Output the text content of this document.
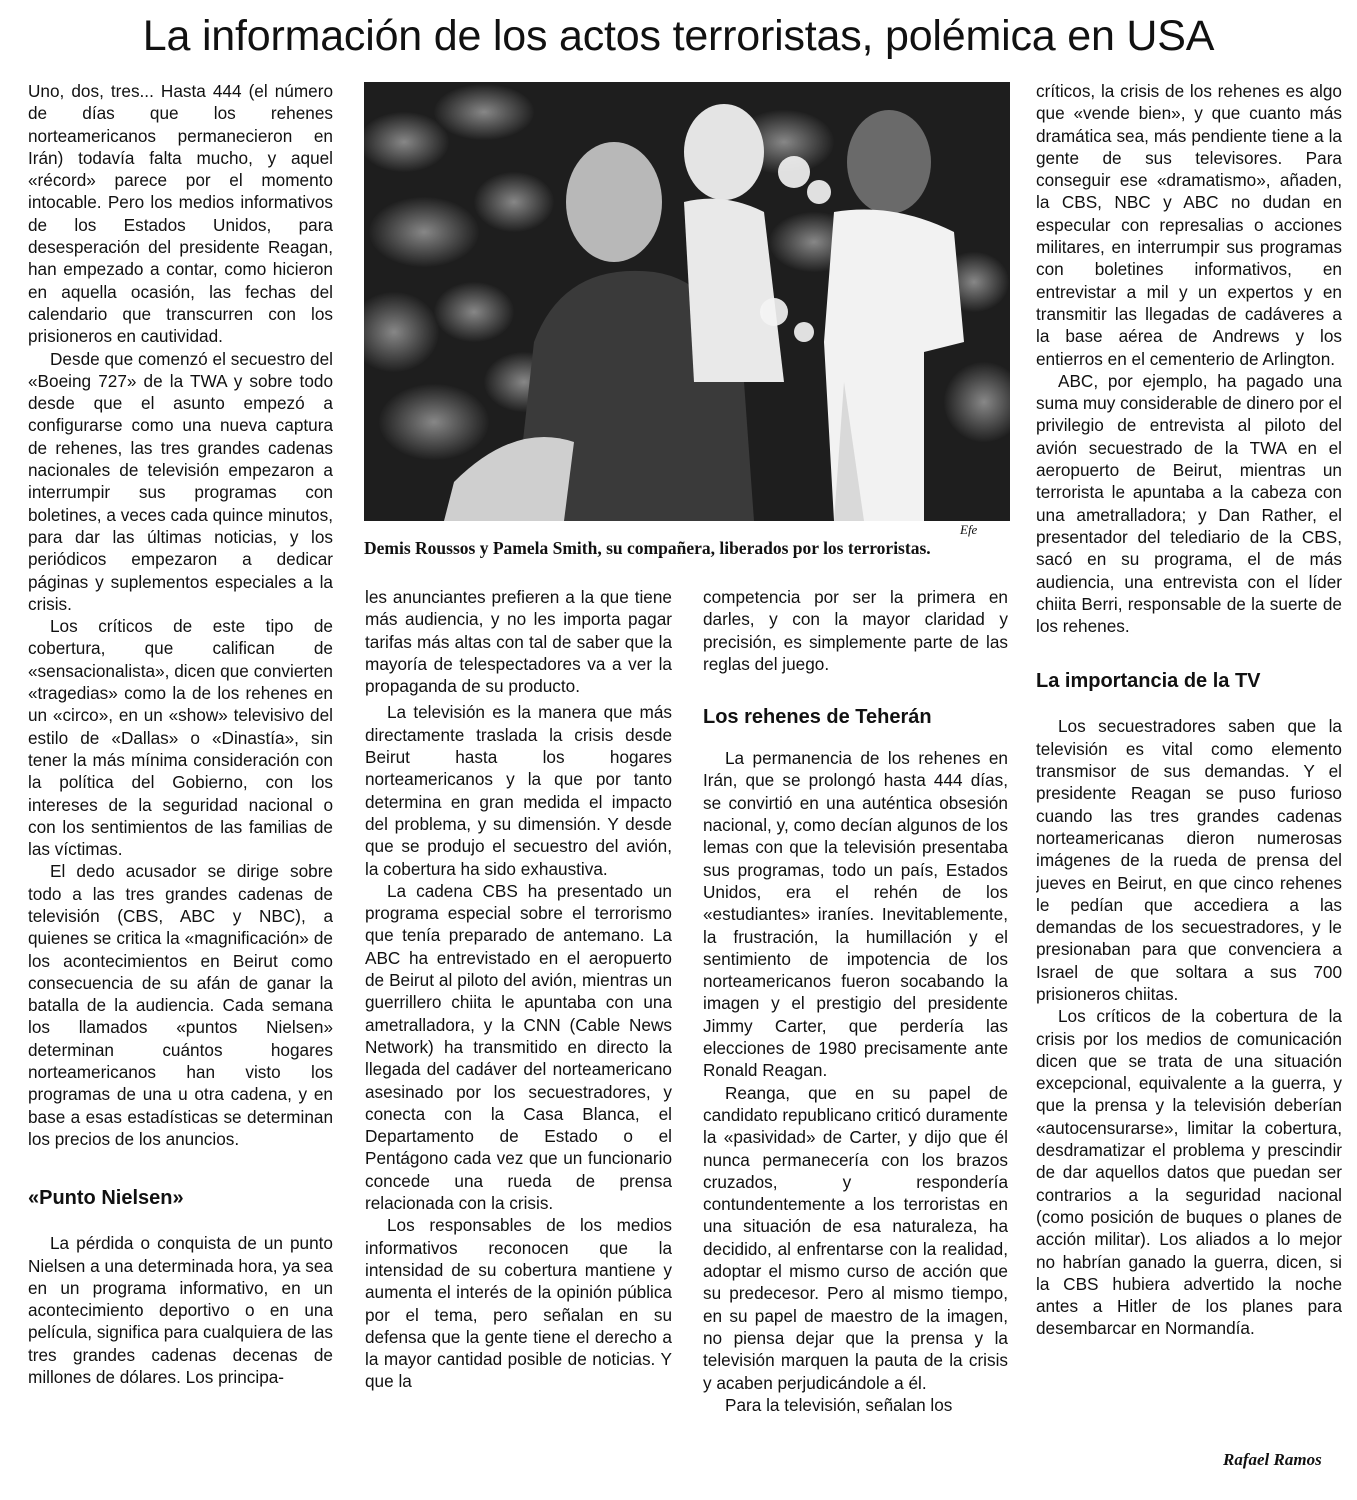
La información de los actos terroristas, polémica en USA

Uno, dos, tres... Hasta 444 (el número de días que los rehenes norteamericanos permanecieron en Irán) todavía falta mucho, y aquel «récord» parece por el momento intocable. Pero los medios informativos de los Estados Unidos, para desesperación del presidente Reagan, han empezado a contar, como hicieron en aquella ocasión, las fechas del calendario que transcurren con los prisioneros en cautividad.

Desde que comenzó el secuestro del «Boeing 727» de la TWA y sobre todo desde que el asunto empezó a configurarse como una nueva captura de rehenes, las tres grandes cadenas nacionales de televisión empezaron a interrumpir sus programas con boletines, a veces cada quince minutos, para dar las últimas noticias, y los periódicos empezaron a dedicar páginas y suplementos especiales a la crisis.

Los críticos de este tipo de cobertura, que califican de «sensacionalista», dicen que convierten «tragedias» como la de los rehenes en un «circo», en un «show» televisivo del estilo de «Dallas» o «Dinastía», sin tener la más mínima consideración con la política del Gobierno, con los intereses de la seguridad nacional o con los sentimientos de las familias de las víctimas.

El dedo acusador se dirige sobre todo a las tres grandes cadenas de televisión (CBS, ABC y NBC), a quienes se critica la «magnificación» de los acontecimientos en Beirut como consecuencia de su afán de ganar la batalla de la audiencia. Cada semana los llamados «puntos Nielsen» determinan cuántos hogares norteamericanos han visto los programas de una u otra cadena, y en base a esas estadísticas se determinan los precios de los anuncios.

«Punto Nielsen»

La pérdida o conquista de un punto Nielsen a una determinada hora, ya sea en un programa informativo, en un acontecimiento deportivo o en una película, significa para cualquiera de las tres grandes cadenas decenas de millones de dólares. Los principa-

Efe
Demis Roussos y Pamela Smith, su compañera, liberados por los terroristas.

les anunciantes prefieren a la que tiene más audiencia, y no les importa pagar tarifas más altas con tal de saber que la mayoría de telespectadores va a ver la propaganda de su producto.

La televisión es la manera que más directamente traslada la crisis desde Beirut hasta los hogares norteamericanos y la que por tanto determina en gran medida el impacto del problema, y su dimensión. Y desde que se produjo el secuestro del avión, la cobertura ha sido exhaustiva.

La cadena CBS ha presentado un programa especial sobre el terrorismo que tenía preparado de antemano. La ABC ha entrevistado en el aeropuerto de Beirut al piloto del avión, mientras un guerrillero chiita le apuntaba con una ametralladora, y la CNN (Cable News Network) ha transmitido en directo la llegada del cadáver del norteamericano asesinado por los secuestradores, y conecta con la Casa Blanca, el Departamento de Estado o el Pentágono cada vez que un funcionario concede una rueda de prensa relacionada con la crisis.

Los responsables de los medios informativos reconocen que la intensidad de su cobertura mantiene y aumenta el interés de la opinión pública por el tema, pero señalan en su defensa que la gente tiene el derecho a la mayor cantidad posible de noticias. Y que la

competencia por ser la primera en darles, y con la mayor claridad y precisión, es simplemente parte de las reglas del juego.

Los rehenes de Teherán

La permanencia de los rehenes en Irán, que se prolongó hasta 444 días, se convirtió en una auténtica obsesión nacional, y, como decían algunos de los lemas con que la televisión presentaba sus programas, todo un país, Estados Unidos, era el rehén de los «estudiantes» iraníes. Inevitablemente, la frustración, la humillación y el sentimiento de impotencia de los norteamericanos fueron socabando la imagen y el prestigio del presidente Jimmy Carter, que perdería las elecciones de 1980 precisamente ante Ronald Reagan.

Reanga, que en su papel de candidato republicano criticó duramente la «pasividad» de Carter, y dijo que él nunca permanecería con los brazos cruzados, y respondería contundentemente a los terroristas en una situación de esa naturaleza, ha decidido, al enfrentarse con la realidad, adoptar el mismo curso de acción que su predecesor. Pero al mismo tiempo, en su papel de maestro de la imagen, no piensa dejar que la prensa y la televisión marquen la pauta de la crisis y acaben perjudicándole a él.

Para la televisión, señalan los

críticos, la crisis de los rehenes es algo que «vende bien», y que cuanto más dramática sea, más pendiente tiene a la gente de sus televisores. Para conseguir ese «dramatismo», añaden, la CBS, NBC y ABC no dudan en especular con represalias o acciones militares, en interrumpir sus programas con boletines informativos, en entrevistar a mil y un expertos y en transmitir las llegadas de cadáveres a la base aérea de Andrews y los entierros en el cementerio de Arlington.

ABC, por ejemplo, ha pagado una suma muy considerable de dinero por el privilegio de entrevista al piloto del avión secuestrado de la TWA en el aeropuerto de Beirut, mientras un terrorista le apuntaba a la cabeza con una ametralladora; y Dan Rather, el presentador del telediario de la CBS, sacó en su programa, el de más audiencia, una entrevista con el líder chiita Berri, responsable de la suerte de los rehenes.

La importancia de la TV

Los secuestradores saben que la televisión es vital como elemento transmisor de sus demandas. Y el presidente Reagan se puso furioso cuando las tres grandes cadenas norteamericanas dieron numerosas imágenes de la rueda de prensa del jueves en Beirut, en que cinco rehenes le pedían que accediera a las demandas de los secuestradores, y le presionaban para que convenciera a Israel de que soltara a sus 700 prisioneros chiitas.

Los críticos de la cobertura de la crisis por los medios de comunicación dicen que se trata de una situación excepcional, equivalente a la guerra, y que la prensa y la televisión deberían «autocensurarse», limitar la cobertura, desdramatizar el problema y prescindir de dar aquellos datos que puedan ser contrarios a la seguridad nacional (como posición de buques o planes de acción militar). Los aliados a lo mejor no habrían ganado la guerra, dicen, si la CBS hubiera advertido la noche antes a Hitler de los planes para desembarcar en Normandía.

Rafael Ramos
